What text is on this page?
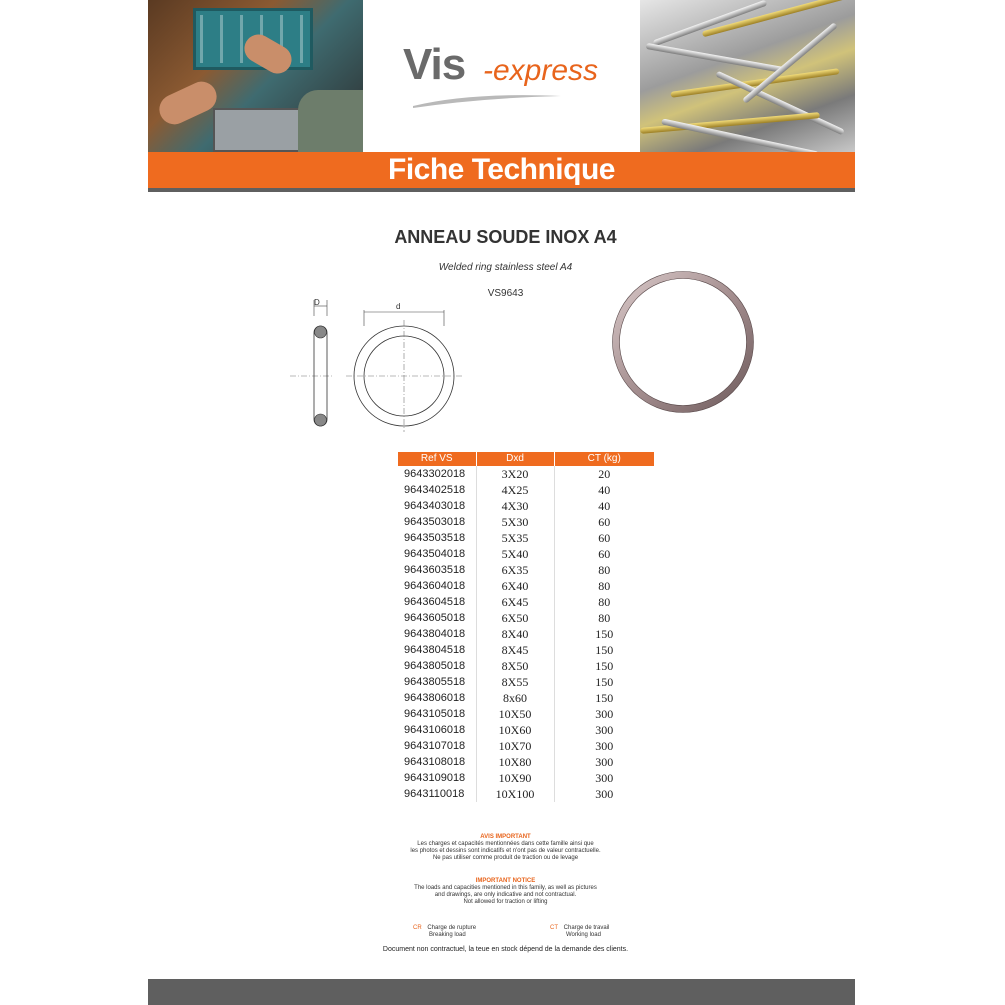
Vis -express
Fiche Technique
ANNEAU SOUDE INOX A4
Welded ring stainless steel A4
VS9643
D	d
Ref VS	Dxd	CT (kg)
9643302018	3X20	20
9643402518	4X25	40
9643403018	4X30	40
9643503018	5X30	60
9643503518	5X35	60
9643504018	5X40	60
9643603518	6X35	80
9643604018	6X40	80
9643604518	6X45	80
9643605018	6X50	80
9643804018	8X40	150
9643804518	8X45	150
9643805018	8X50	150
9643805518	8X55	150
9643806018	8x60	150
9643105018	10X50	300
9643106018	10X60	300
9643107018	10X70	300
9643108018	10X80	300
9643109018	10X90	300
9643110018	10X100	300
AVIS IMPORTANT
Les charges et capacités mentionnées dans cette famille ainsi que
les photos et dessins sont indicatifs et n'ont pas de valeur contractuelle.
Ne pas utiliser comme produit de traction ou de levage
IMPORTANT NOTICE
The loads and capacities mentioned in this family, as well as pictures
and drawings, are only indicative and not contractual.
Not allowed for traction or lifting
CR Charge de rupture
Breaking load
CT Charge de travail
Working load
Document non contractuel, la teue en stock dépend de la demande des clients.
